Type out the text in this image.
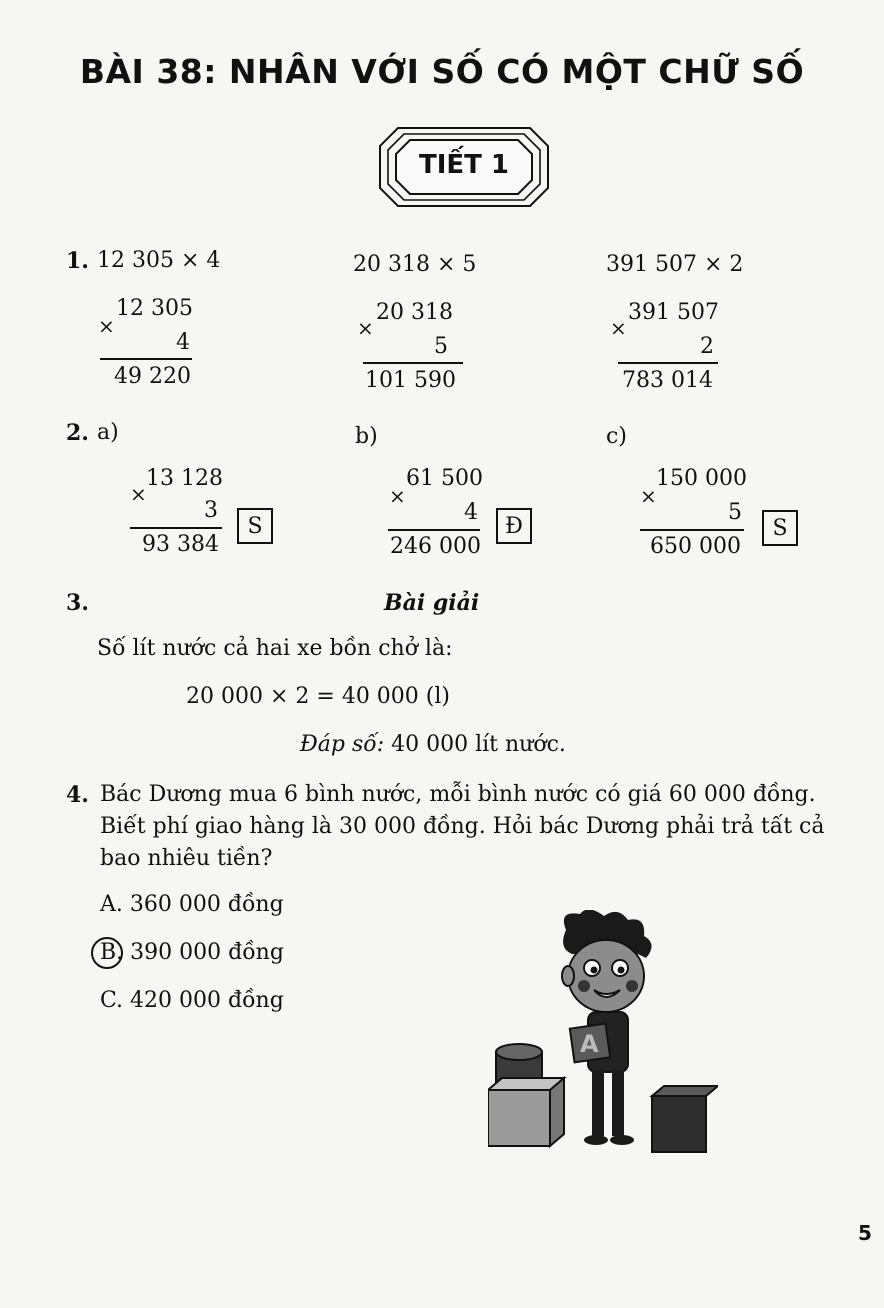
BÀI 38: NHÂN VỚI SỐ CÓ MỘT CHỮ SỐ
TIẾT 1
1. 12 305 × 4	20 318 × 5	391 507 × 2
12 305
×
4
49 220
20 318
×
5
101 590
391 507
×
2
783 014
2. a)	b)	c)
13 128
×
3
93 384
S
61 500
×
4
246 000
Đ
150 000
×
5
650 000
S
3.	Bài giải
Số lít nước cả hai xe bồn chở là:
20 000 × 2 = 40 000 (l)
Đáp số: 40 000 lít nước.
4. Bác Dương mua 6 bình nước, mỗi bình nước có giá 60 000 đồng.
Biết phí giao hàng là 30 000 đồng. Hỏi bác Dương phải trả tất cả
bao nhiêu tiền?
A. 360 000 đồng
B. 390 000 đồng
C. 420 000 đồng
A
5
